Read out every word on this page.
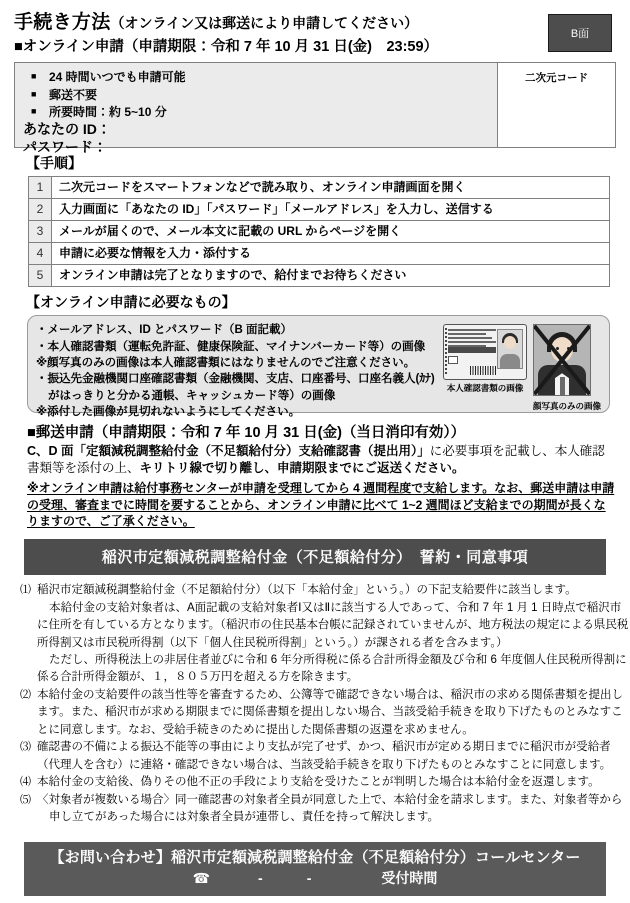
手続き方法（オンライン又は郵送により申請してください）
■オンライン申請（申請期限：令和 7 年 10 月 31 日(金)　23:59）
B面
■ 24 時間いつでも申請可能
■ 郵送不要
■ 所要時間：約 5~10 分
あなたの ID：
パスワード：
二次元コード
【手順】
1	二次元コードをスマートフォンなどで読み取り、オンライン申請画面を開く
2	入力画面に「あなたの ID」「パスワード」「メールアドレス」を入力し、送信する
3	メールが届くので、メール本文に記載の URL からページを開く
4	申請に必要な情報を入力・添付する
5	オンライン申請は完了となりますので、給付までお待ちください
【オンライン申請に必要なもの】

・メールアドレス、ID とパスワード（B 面記載）

・本人確認書類（運転免許証、健康保険証、マイナンバーカード等）の画像

※顔写真のみの画像は本人確認書類にはなりませんのでご注意ください。

・振込先金融機関口座確認書類（金融機関、支店、口座番号、口座名義人(ｶﾅ)

がはっきりと分かる通帳、キャッシュカード等）の画像

※添付した画像が見切れないようにしてください。

本人確認書類の画像
顔写真のみの画像
■郵送申請（申請期限：令和 7 年 10 月 31 日(金)（当日消印有効））
C、D 面「定額減税調整給付金（不足額給付分）支給確認書（提出用）」に必要事項を記載し、本人確認書類等を添付の上、キリトリ線で切り離し、申請期限までにご返送ください。
※オンライン申請は給付事務センターが申請を受理してから 4 週間程度で支給します。なお、郵送申請は申請の受理、審査までに時間を要することから、オンライン申請に比べて 1~2 週間ほど支給までの期間が長くなりますので、ご了承ください。
稲沢市定額減税調整給付金（不足額給付分）　誓約・同意事項
⑴ 稲沢市定額減税調整給付金（不足額給付分）（以下「本給付金」という。）の下記支給要件に該当します。

本給付金の支給対象者は、A面記載の支給対象者Ⅰ又はⅡに該当する人であって、令和 7 年 1 月 1 日時点で稲沢市に住所を有している方となります。（稲沢市の住民基本台帳に記録されていませんが、地方税法の規定による県民税所得割又は市民税所得割（以下「個人住民税所得割」という。）が課される者を含みます。）

ただし、所得税法上の非居住者並びに令和 6 年分所得税に係る合計所得金額及び令和 6 年度個人住民税所得割に係る合計所得金額が、１，８０５万円を超える方を除きます。

⑵ 本給付金の支給要件の該当性等を審査するため、公簿等で確認できない場合は、稲沢市の求める関係書類を提出します。また、稲沢市が求める期限までに関係書類を提出しない場合、当該受給手続きを取り下げたものとみなすことに同意します。なお、受給手続きのために提出した関係書類の返還を求めません。

⑶ 確認書の不備による振込不能等の事由により支払が完了せず、かつ、稲沢市が定める期日までに稲沢市が受給者（代理人を含む）に連絡・確認できない場合は、当該受給手続きを取り下げたものとみなすことに同意します。

⑷ 本給付金の支給後、偽りその他不正の手段により支給を受けたことが判明した場合は本給付金を返還します。

⑸ 〈対象者が複数いる場合〉同一確認書の対象者全員が同意した上で、本給付金を請求します。また、対象者等から申し立てがあった場合には対象者全員が連帯し、責任を持って解決します。

【お問い合わせ】稲沢市定額減税調整給付金（不足額給付分）コールセンター
☎	-	-	受付時間
